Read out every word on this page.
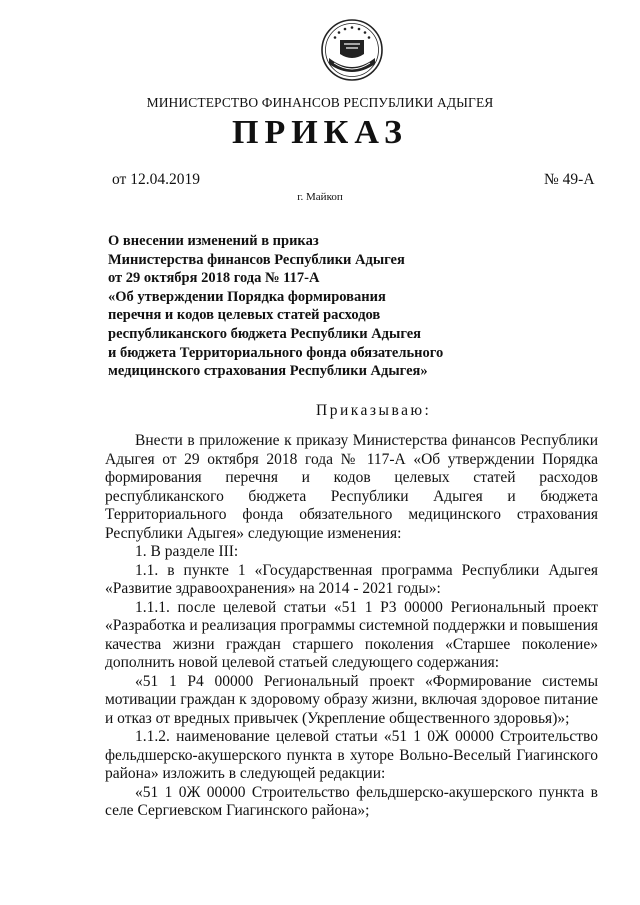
МИНИСТЕРСТВО ФИНАНСОВ РЕСПУБЛИКИ АДЫГЕЯ
ПРИКАЗ
от 12.04.2019	№ 49-А
г. Майкоп
О внесении изменений в приказ
Министерства финансов Республики Адыгея
от 29 октября 2018 года № 117-А
«Об утверждении Порядка формирования
перечня и кодов целевых статей расходов
республиканского бюджета Республики Адыгея
и бюджета Территориального фонда обязательного
медицинского страхования Республики Адыгея»
Приказываю:

Внести в приложение к приказу Министерства финансов Республики Адыгея от 29 октября 2018 года № 117-А «Об утверждении Порядка формирования перечня и кодов целевых статей расходов республиканского бюджета Республики Адыгея и бюджета Территориального фонда обязательного медицинского страхования Республики Адыгея» следующие изменения:

1. В разделе III:

1.1. в пункте 1 «Государственная программа Республики Адыгея «Развитие здравоохранения» на 2014 - 2021 годы»:

1.1.1. после целевой статьи «51 1 Р3 00000 Региональный проект «Разработка и реализация программы системной поддержки и повышения качества жизни граждан старшего поколения «Старшее поколение» дополнить новой целевой статьей следующего содержания:

«51 1 Р4 00000 Региональный проект «Формирование системы мотивации граждан к здоровому образу жизни, включая здоровое питание и отказ от вредных привычек (Укрепление общественного здоровья)»;

1.1.2. наименование целевой статьи «51 1 0Ж 00000 Строительство фельдшерско-акушерского пункта в хуторе Вольно-Веселый Гиагинского района» изложить в следующей редакции:

«51 1 0Ж 00000 Строительство фельдшерско-акушерского пункта в селе Сергиевском Гиагинского района»;
